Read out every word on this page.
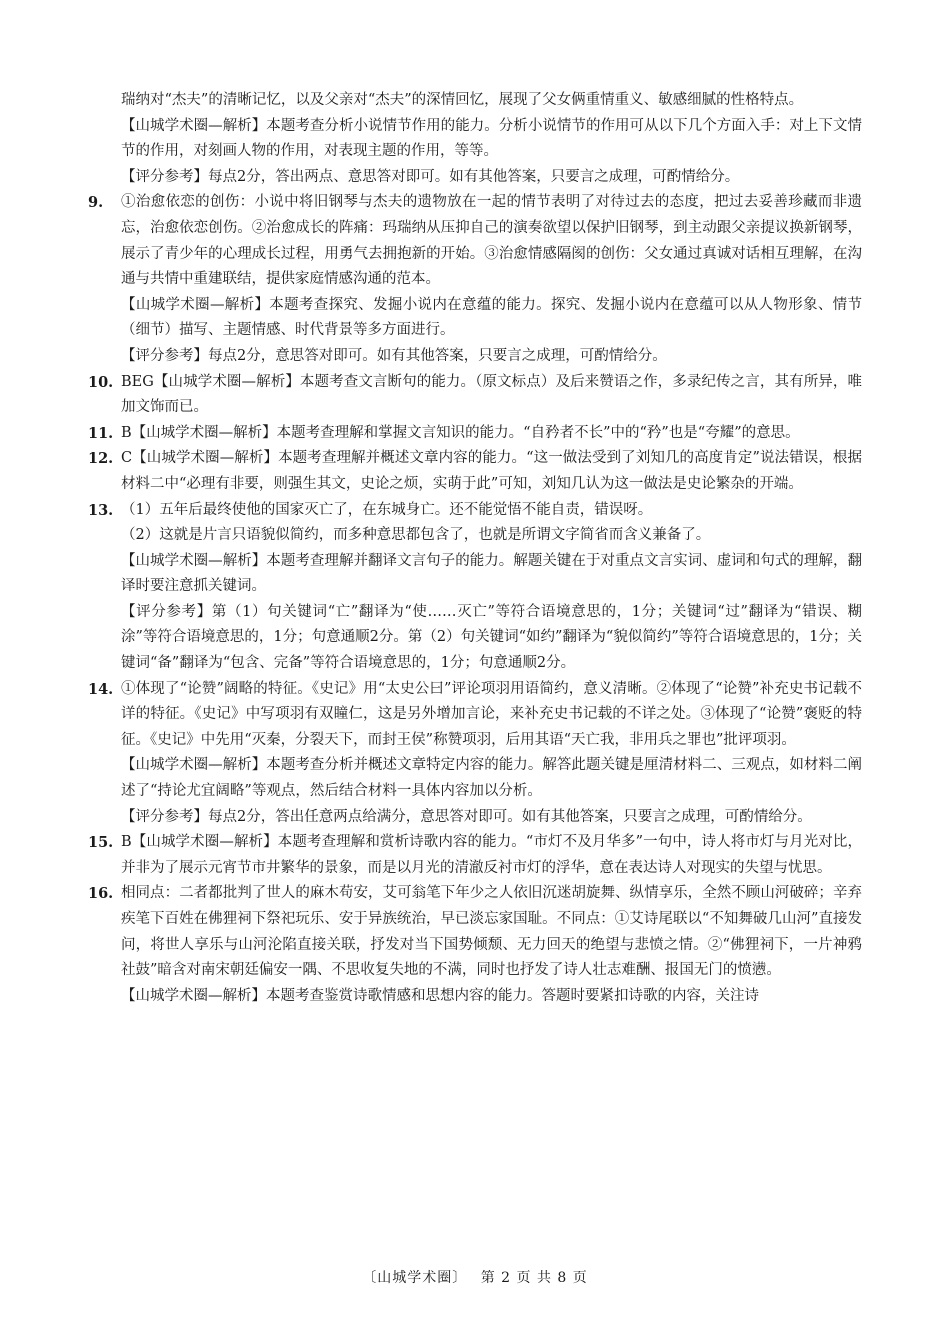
瑞纳对“杰夫”的清晰记忆，以及父亲对“杰夫”的深情回忆，展现了父女俩重情重义、敏感细腻的性格特点。

【山城学术圈—解析】本题考查分析小说情节作用的能力。分析小说情节的作用可从以下几个方面入手：对上下文情节的作用，对刻画人物的作用，对表现主题的作用，等等。

【评分参考】每点2分，答出两点、意思答对即可。如有其他答案，只要言之成理，可酌情给分。

9.	①治愈依恋的创伤：小说中将旧钢琴与杰夫的遗物放在一起的情节表明了对待过去的态度，把过去妥善珍藏而非遗忘，治愈依恋创伤。②治愈成长的阵痛：玛瑞纳从压抑自己的演奏欲望以保护旧钢琴，到主动跟父亲提议换新钢琴，展示了青少年的心理成长过程，用勇气去拥抱新的开始。③治愈情感隔阂的创伤：父女通过真诚对话相互理解，在沟通与共情中重建联结，提供家庭情感沟通的范本。

【山城学术圈—解析】本题考查探究、发掘小说内在意蕴的能力。探究、发掘小说内在意蕴可以从人物形象、情节（细节）描写、主题情感、时代背景等多方面进行。

【评分参考】每点2分，意思答对即可。如有其他答案，只要言之成理，可酌情给分。

10. BEG【山城学术圈—解析】本题考查文言断句的能力。（原文标点）及后来赞语之作，多录纪传之言，其有所异，唯加文饰而已。

11. B【山城学术圈—解析】本题考查理解和掌握文言知识的能力。“自矜者不长”中的“矜”也是“夸耀”的意思。

12. C【山城学术圈—解析】本题考查理解并概述文章内容的能力。“这一做法受到了刘知几的高度肯定”说法错误，根据材料二中“必理有非要，则强生其文，史论之烦，实萌于此”可知，刘知几认为这一做法是史论繁杂的开端。

13. （1）五年后最终使他的国家灭亡了，在东城身亡。还不能觉悟不能自责，错误呀。

（2）这就是片言只语貌似简约，而多种意思都包含了，也就是所谓文字简省而含义兼备了。

【山城学术圈—解析】本题考查理解并翻译文言句子的能力。解题关键在于对重点文言实词、虚词和句式的理解，翻译时要注意抓关键词。

【评分参考】第（1）句关键词“亡”翻译为“使……灭亡”等符合语境意思的，1分；关键词“过”翻译为“错误、糊涂”等符合语境意思的，1分；句意通顺2分。第（2）句关键词“如约”翻译为“貌似简约”等符合语境意思的，1分；关键词“备”翻译为“包含、完备”等符合语境意思的，1分；句意通顺2分。

14. ①体现了“论赞”阔略的特征。《史记》用“太史公曰”评论项羽用语简约，意义清晰。②体现了“论赞”补充史书记载不详的特征。《史记》中写项羽有双瞳仁，这是另外增加言论，来补充史书记载的不详之处。③体现了“论赞”褒贬的特征。《史记》中先用“灭秦，分裂天下，而封王侯”称赞项羽，后用其语“天亡我，非用兵之罪也”批评项羽。

【山城学术圈—解析】本题考查分析并概述文章特定内容的能力。解答此题关键是厘清材料二、三观点，如材料二阐述了“持论尤宜阔略”等观点，然后结合材料一具体内容加以分析。

【评分参考】每点2分，答出任意两点给满分，意思答对即可。如有其他答案，只要言之成理，可酌情给分。

15. B【山城学术圈—解析】本题考查理解和赏析诗歌内容的能力。“市灯不及月华多”一句中，诗人将市灯与月光对比，并非为了展示元宵节市井繁华的景象，而是以月光的清澈反衬市灯的浮华，意在表达诗人对现实的失望与忧思。

16. 相同点：二者都批判了世人的麻木苟安，艾可翁笔下年少之人依旧沉迷胡旋舞、纵情享乐，全然不顾山河破碎；辛弃疾笔下百姓在佛狸祠下祭祀玩乐、安于异族统治，早已淡忘家国耻。不同点：①艾诗尾联以“不知舞破几山河”直接发问，将世人享乐与山河沦陷直接关联，抒发对当下国势倾颓、无力回天的绝望与悲愤之情。②“佛狸祠下，一片神鸦社鼓”暗含对南宋朝廷偏安一隅、不思收复失地的不满，同时也抒发了诗人壮志难酬、报国无门的愤懑。

【山城学术圈—解析】本题考查鉴赏诗歌情感和思想内容的能力。答题时要紧扣诗歌的内容，关注诗

〔山城学术圈〕 第 2 页 共 8 页
